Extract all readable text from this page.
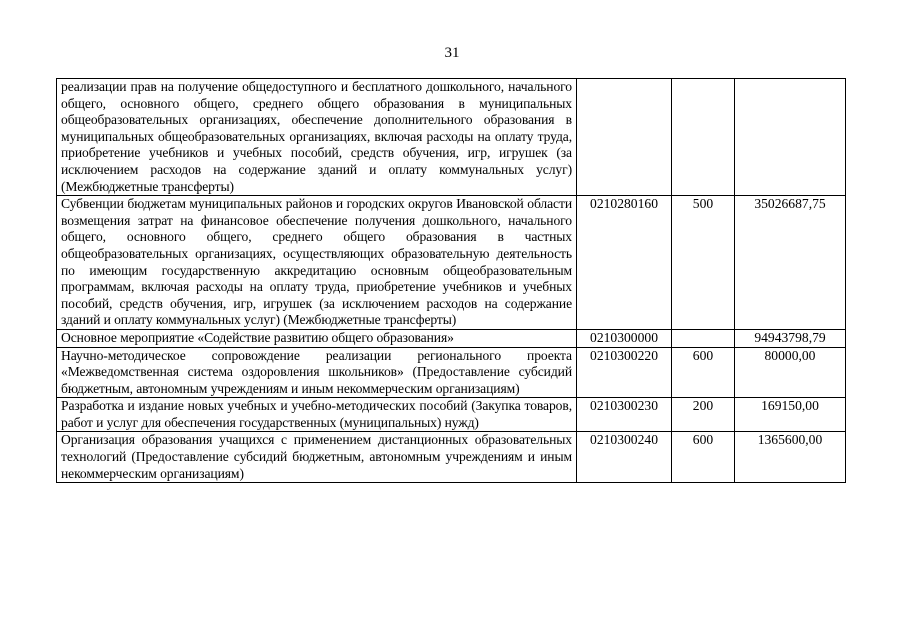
31
реализации прав на получение общедоступного и бесплатного дошкольного, начального общего, основного общего, среднего общего образования в муниципальных общеобразовательных организациях, обеспечение дополнительного образования в муниципальных общеобразовательных организациях, включая расходы на оплату труда, приобретение учебников и учебных пособий, средств обучения, игр, игрушек (за исключением расходов на содержание зданий и оплату коммунальных услуг) (Межбюджетные трансферты)			
Субвенции бюджетам муниципальных районов и городских округов Ивановской области возмещения затрат на финансовое обеспечение получения дошкольного, начального общего, основного общего, среднего общего образования в частных общеобразовательных организациях, осуществляющих образовательную деятельность по имеющим государственную аккредитацию основным общеобразовательным программам, включая расходы на оплату труда, приобретение учебников и учебных пособий, средств обучения, игр, игрушек (за исключением расходов на содержание зданий и оплату коммунальных услуг) (Межбюджетные трансферты)	0210280160	500	35026687,75
Основное мероприятие «Содействие развитию общего образования»	0210300000		94943798,79
Научно-методическое сопровождение реализации регионального проекта «Межведомственная система оздоровления школьников» (Предоставление субсидий бюджетным, автономным учреждениям и иным некоммерческим организациям)	0210300220	600	80000,00
Разработка и издание новых учебных и учебно-методических пособий (Закупка товаров, работ и услуг для обеспечения государственных (муниципальных) нужд)	0210300230	200	169150,00
Организация образования учащихся с применением дистанционных образовательных технологий (Предоставление субсидий бюджетным, автономным учреждениям и иным некоммерческим организациям)	0210300240	600	1365600,00
